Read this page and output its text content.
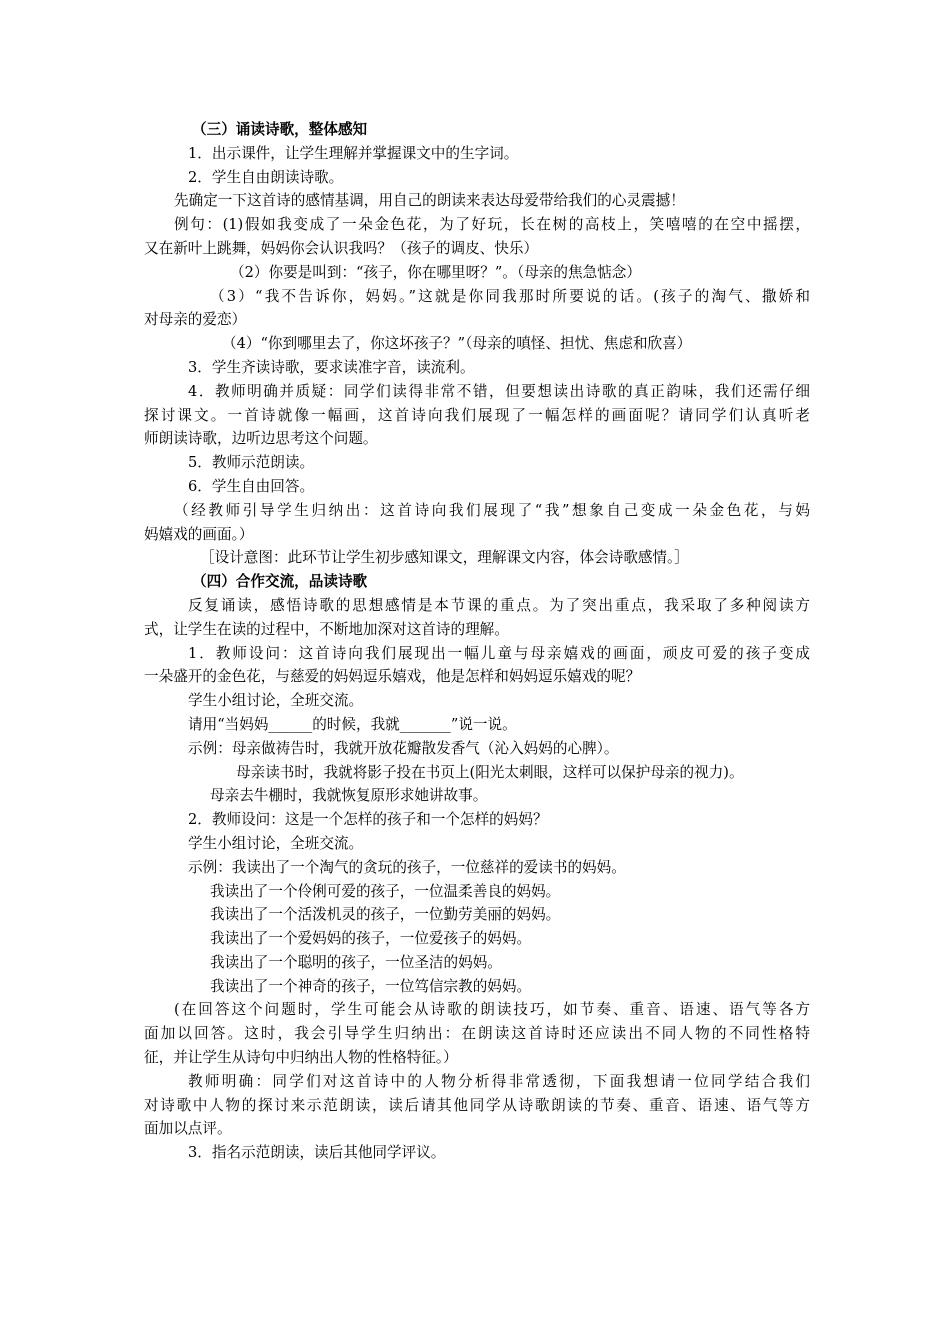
（三）诵读诗歌，整体感知
1．出示课件，让学生理解并掌握课文中的生字词。
2．学生自由朗读诗歌。
先确定一下这首诗的感情基调，用自己的朗读来表达母爱带给我们的心灵震撼！
例句：(1)假如我变成了一朵金色花，为了好玩，长在树的高枝上，笑嘻嘻的在空中摇摆，
又在新叶上跳舞，妈妈你会认识我吗？（孩子的调皮、快乐）
（2）你要是叫到：“孩子，你在哪里呀？”。（母亲的焦急惦念）
（3）“我不告诉你，妈妈。”这就是你同我那时所要说的话。(孩子的淘气、撒娇和
对母亲的爱恋）
（4）“你到哪里去了，你这坏孩子？”（母亲的嗔怪、担忧、焦虑和欣喜）
3．学生齐读诗歌，要求读准字音，读流利。
4．教师明确并质疑：同学们读得非常不错，但要想读出诗歌的真正韵味，我们还需仔细
探讨课文。一首诗就像一幅画，这首诗向我们展现了一幅怎样的画面呢？请同学们认真听老
师朗读诗歌，边听边思考这个问题。
5．教师示范朗读。
6．学生自由回答。
（经教师引导学生归纳出：这首诗向我们展现了“我”想象自己变成一朵金色花，与妈
妈嬉戏的画面。）
［设计意图：此环节让学生初步感知课文，理解课文内容，体会诗歌感情。］
（四）合作交流，品读诗歌
反复诵读，感悟诗歌的思想感情是本节课的重点。为了突出重点，我采取了多种阅读方
式，让学生在读的过程中，不断地加深对这首诗的理解。
1．教师设问：这首诗向我们展现出一幅儿童与母亲嬉戏的画面，顽皮可爱的孩子变成
一朵盛开的金色花，与慈爱的妈妈逗乐嬉戏，他是怎样和妈妈逗乐嬉戏的呢？
学生小组讨论，全班交流。
请用“当妈妈______的时候，我就_______”说一说。
示例：母亲做祷告时，我就开放花瓣散发香气（沁入妈妈的心脾）。
母亲读书时，我就将影子投在书页上(阳光太刺眼，这样可以保护母亲的视力)。
母亲去牛棚时，我就恢复原形求她讲故事。
2．教师设问：这是一个怎样的孩子和一个怎样的妈妈？
学生小组讨论，全班交流。
示例：我读出了一个淘气的贪玩的孩子，一位慈祥的爱读书的妈妈。
我读出了一个伶俐可爱的孩子，一位温柔善良的妈妈。
我读出了一个活泼机灵的孩子，一位勤劳美丽的妈妈。
我读出了一个爱妈妈的孩子，一位爱孩子的妈妈。
我读出了一个聪明的孩子，一位圣洁的妈妈。
我读出了一个神奇的孩子，一位笃信宗教的妈妈。
(在回答这个问题时，学生可能会从诗歌的朗读技巧，如节奏、重音、语速、语气等各方
面加以回答。这时，我会引导学生归纳出：在朗读这首诗时还应读出不同人物的不同性格特
征，并让学生从诗句中归纳出人物的性格特征。）
教师明确：同学们对这首诗中的人物分析得非常透彻，下面我想请一位同学结合我们
对诗歌中人物的探讨来示范朗读，读后请其他同学从诗歌朗读的节奏、重音、语速、语气等方
面加以点评。
3．指名示范朗读，读后其他同学评议。
